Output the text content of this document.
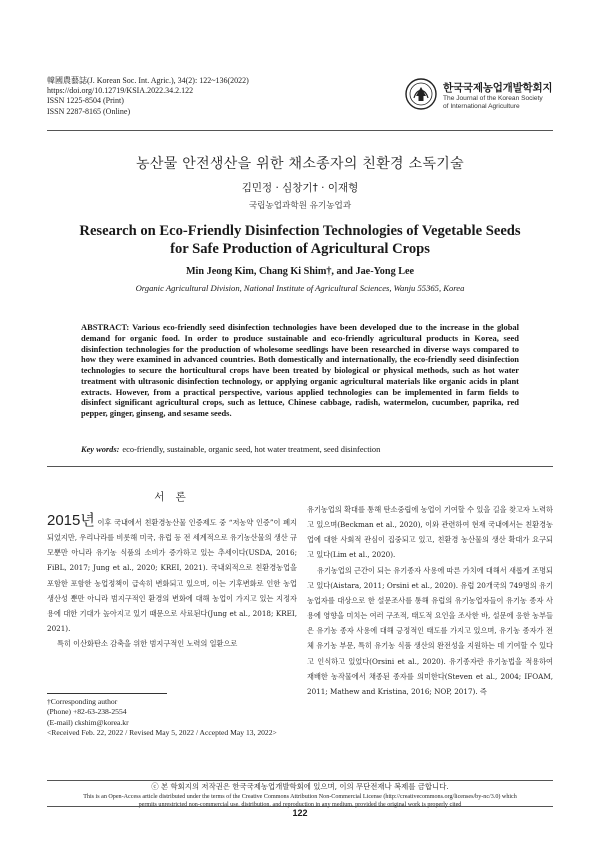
韓國農藝誌(J. Korean Soc. Int. Agric.), 34(2): 122~136(2022)
https://doi.org/10.12719/KSIA.2022.34.2.122
ISSN 1225-8504 (Print)
ISSN 2287-8165 (Online)
한국국제농업개발학회지
The Journal of the Korean Society
of International Agriculture
농산물 안전생산을 위한 채소종자의 친환경 소독기술
김민정 · 심창기† · 이재형
국립농업과학원 유기농업과
Research on Eco-Friendly Disinfection Technologies of Vegetable Seeds
for Safe Production of Agricultural Crops
Min Jeong Kim, Chang Ki Shim†, and Jae-Yong Lee
Organic Agricultural Division, National Institute of Agricultural Sciences, Wanju 55365, Korea
ABSTRACT: Various eco-friendly seed disinfection technologies have been developed due to the increase in the global demand for organic food. In order to produce sustainable and eco-friendly agricultural products in Korea, seed disinfection technologies for the production of wholesome seedlings have been researched in diverse ways compared to how they were examined in advanced countries. Both domestically and internationally, the eco-friendly seed disinfection technologies to secure the horticultural crops have been treated by biological or physical methods, such as hot water treatment with ultrasonic disinfection technology, or applying organic agricultural materials like organic acids in plant extracts. However, from a practical perspective, various applied technologies can be implemented in farm fields to disinfect significant agricultural crops, such as lettuce, Chinese cabbage, radish, watermelon, cucumber, paprika, red pepper, ginger, ginseng, and sesame seeds.
Key words: eco-friendly, sustainable, organic seed, hot water treatment, seed disinfection
서 론

2015년 이후 국내에서 친환경농산물 인증제도 중 “저농약 인증”이 폐지되었지만, 우리나라를 비롯해 미국, 유럽 등 전 세계적으로 유기농산물의 생산 규모뿐만 아니라 유기농 식품의 소비가 증가하고 있는 추세이다(USDA, 2016; FiBL, 2017; Jung et al., 2020; KREI, 2021). 국내외적으로 친환경농업을 포함한 포함한 농업정책이 급속히 변화되고 있으며, 이는 기후변화로 인한 농업 생산성 뿐만 아니라 범지구적인 환경의 변화에 대해 농업이 가지고 있는 지정자용에 대한 기대가 높아지고 있기 때문으로 사료된다(Jung et al., 2018; KREI, 2021).

특히 이산화탄소 감축을 위한 범지구적인 노력의 일환으로

유기농업의 확대를 통해 탄소중립에 농업이 기여할 수 있을 길을 찾고자 노력하고 있으며(Beckman et al., 2020), 이와 관련하여 현재 국내에서는 친환경농업에 대한 사회적 관심이 집중되고 있고, 친환경 농산물의 생산 확대가 요구되고 있다(Lim et al., 2020).

유기농업의 근간이 되는 유기종자 사용에 따른 가치에 대해서 새롭게 조명되고 있다(Aistara, 2011; Orsini et al., 2020). 유럽 20개국의 749명의 유기농업자를 대상으로 한 설문조사를 통해 유럽의 유기농업자들이 유기농 종자 사용에 영향을 미치는 여러 구조적, 태도적 요인을 조사한 바, 설문에 응한 농부들은 유기농 종자 사용에 대해 긍정적인 태도를 가지고 있으며, 유기농 종자가 전체 유기농 부문, 특히 유기농 식품 생산의 완전성을 지원하는 데 기여할 수 있다고 인식하고 있었다(Orsini et al., 2020). 유기종자란 유기농법을 적용하여 재배한 농작물에서 채종된 종자를 의미한다(Steven et al., 2004; IFOAM, 2011; Mathew and Kristina, 2016; NOP, 2017). 즉

†Corresponding author
(Phone) +82-63-238-2554
(E-mail) ckshim@korea.kr
<Received Feb. 22, 2022 / Revised May 5, 2022 / Accepted May 13, 2022>
ⓒ 본 학회지의 저작권은 한국국제농업개발학회에 있으며, 이의 무단전재나 복제를 금합니다.
This is an Open-Access article distributed under the terms of the Creative Commons Attribution Non-Commercial License (http://creativecommons.org/licenses/by-nc/3.0) which
permits unrestricted non-commercial use, distribution, and reproduction in any medium, provided the original work is properly cited
122
